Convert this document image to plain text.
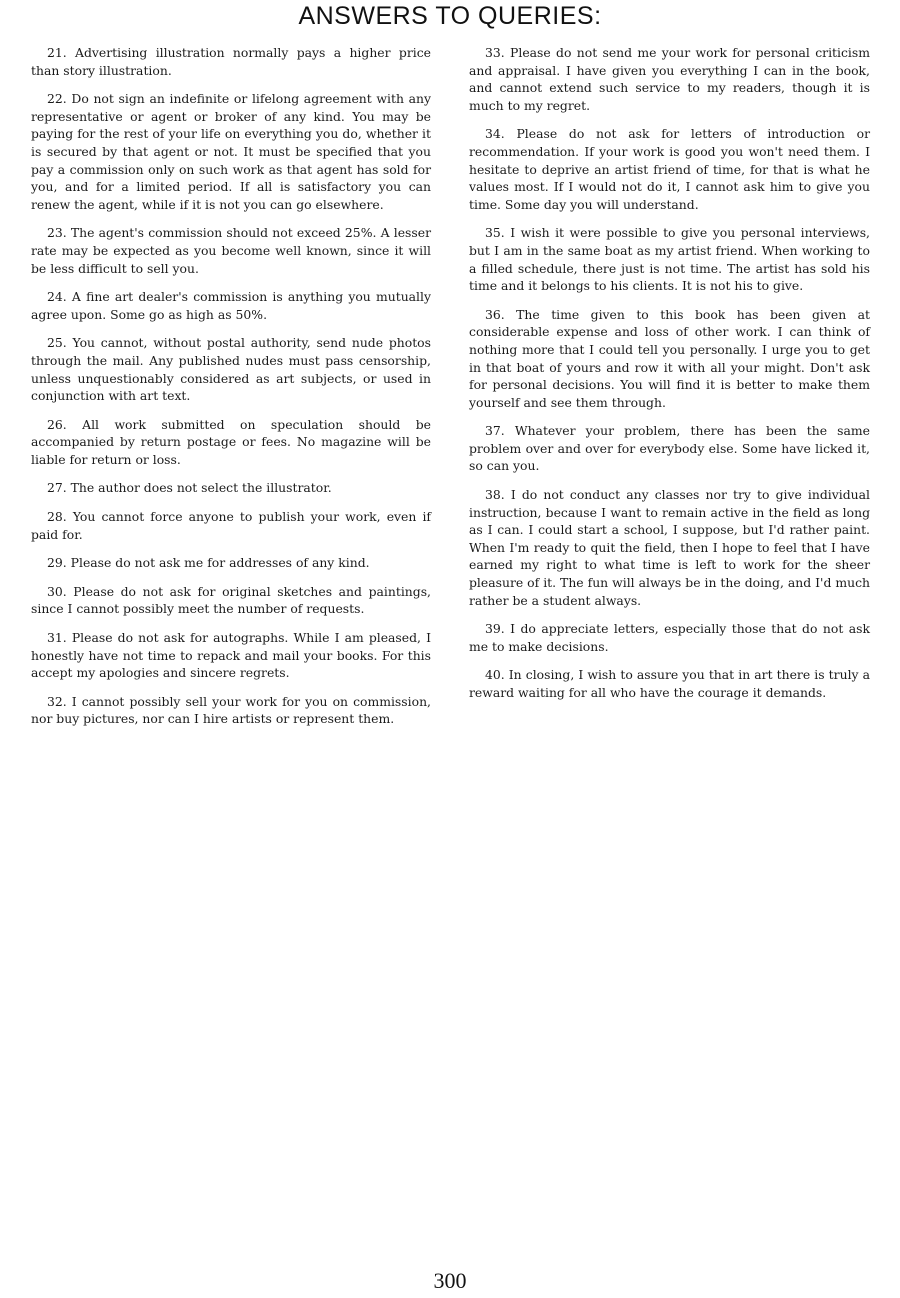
ANSWERS TO QUERIES:

21. Advertising illustration normally pays a higher price than story illustration.

22. Do not sign an indefinite or lifelong agreement with any representative or agent or broker of any kind. You may be paying for the rest of your life on everything you do, whether it is secured by that agent or not. It must be specified that you pay a commission only on such work as that agent has sold for you, and for a limited period. If all is satisfactory you can renew the agent, while if it is not you can go elsewhere.

23. The agent's commission should not exceed 25%. A lesser rate may be expected as you become well known, since it will be less difficult to sell you.

24. A fine art dealer's commission is anything you mutually agree upon. Some go as high as 50%.

25. You cannot, without postal authority, send nude photos through the mail. Any published nudes must pass censorship, unless unquestionably considered as art subjects, or used in conjunction with art text.

26. All work submitted on speculation should be accompanied by return postage or fees. No magazine will be liable for return or loss.

27. The author does not select the illustrator.

28. You cannot force anyone to publish your work, even if paid for.

29. Please do not ask me for addresses of any kind.

30. Please do not ask for original sketches and paintings, since I cannot possibly meet the number of requests.

31. Please do not ask for autographs. While I am pleased, I honestly have not time to repack and mail your books. For this accept my apologies and sincere regrets.

32. I cannot possibly sell your work for you on commission, nor buy pictures, nor can I hire artists or represent them.

33. Please do not send me your work for personal criticism and appraisal. I have given you everything I can in the book, and cannot extend such service to my readers, though it is much to my regret.

34. Please do not ask for letters of introduction or recommendation. If your work is good you won't need them. I hesitate to deprive an artist friend of time, for that is what he values most. If I would not do it, I cannot ask him to give you time. Some day you will understand.

35. I wish it were possible to give you personal interviews, but I am in the same boat as my artist friend. When working to a filled schedule, there just is not time. The artist has sold his time and it belongs to his clients. It is not his to give.

36. The time given to this book has been given at considerable expense and loss of other work. I can think of nothing more that I could tell you personally. I urge you to get in that boat of yours and row it with all your might. Don't ask for personal decisions. You will find it is better to make them yourself and see them through.

37. Whatever your problem, there has been the same problem over and over for everybody else. Some have licked it, so can you.

38. I do not conduct any classes nor try to give individual instruction, because I want to remain active in the field as long as I can. I could start a school, I suppose, but I'd rather paint. When I'm ready to quit the field, then I hope to feel that I have earned my right to what time is left to work for the sheer pleasure of it. The fun will always be in the doing, and I'd much rather be a student always.

39. I do appreciate letters, especially those that do not ask me to make decisions.

40. In closing, I wish to assure you that in art there is truly a reward waiting for all who have the courage it demands.

300
